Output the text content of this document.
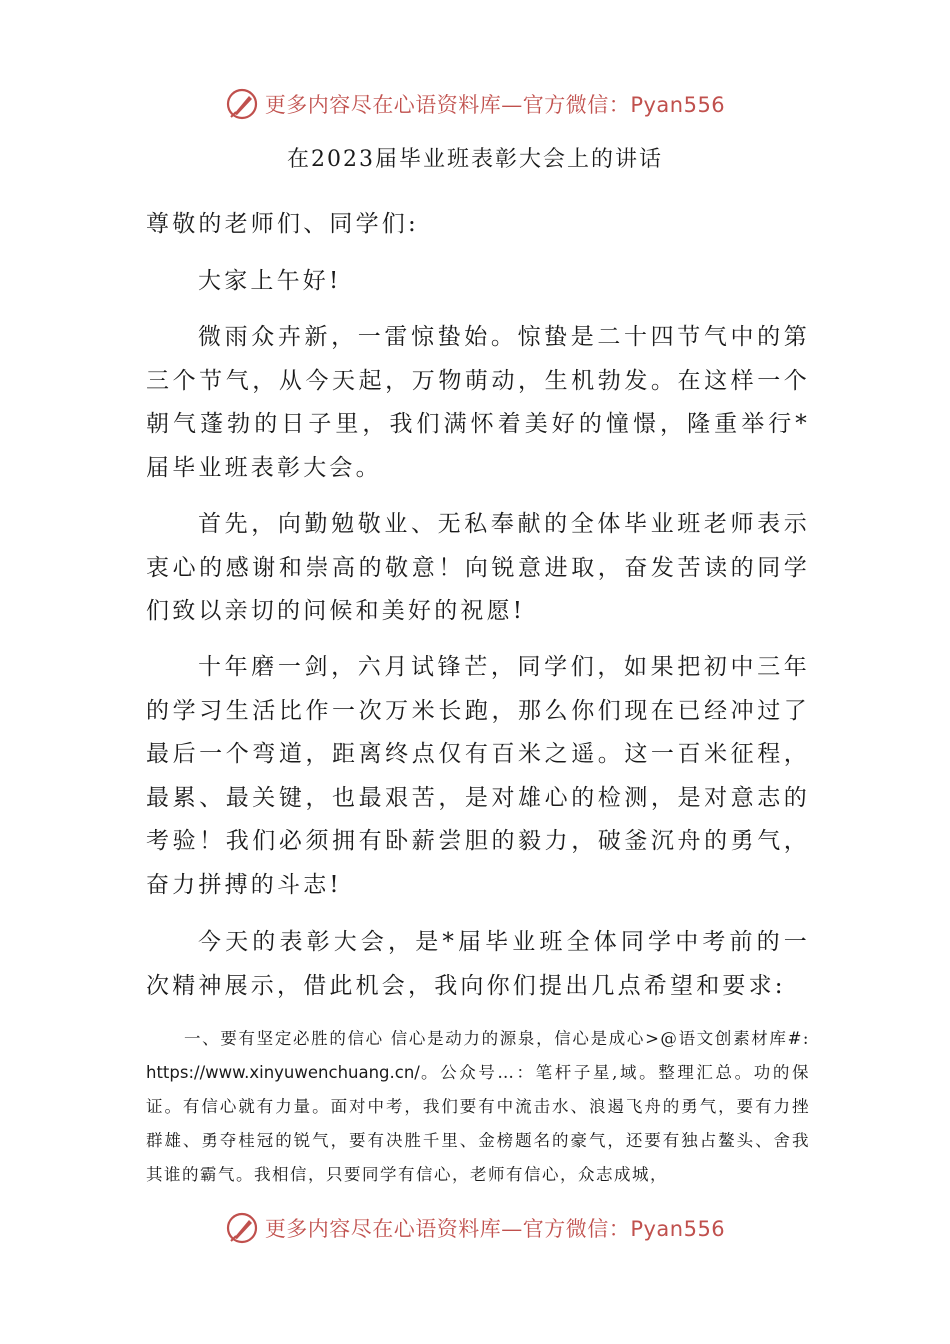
更多内容尽在心语资料库—官方微信：Pyan556
在2023届毕业班表彰大会上的讲话

尊敬的老师们、同学们:

大家上午好!

微雨众卉新，一雷惊蛰始。惊蛰是二十四节气中的第三个节气，从今天起，万物萌动，生机勃发。在这样一个朝气蓬勃的日子里，我们满怀着美好的憧憬，隆重举行*届毕业班表彰大会。

首先，向勤勉敬业、无私奉献的全体毕业班老师表示衷心的感谢和崇高的敬意！向锐意进取，奋发苦读的同学们致以亲切的问候和美好的祝愿!

十年磨一剑，六月试锋芒，同学们，如果把初中三年的学习生活比作一次万米长跑，那么你们现在已经冲过了最后一个弯道，距离终点仅有百米之遥。这一百米征程，最累、最关键，也最艰苦，是对雄心的检测，是对意志的考验！我们必须拥有卧薪尝胆的毅力，破釜沉舟的勇气，奋力拼搏的斗志!

今天的表彰大会，是*届毕业班全体同学中考前的一次精神展示，借此机会，我向你们提出几点希望和要求:

一、要有坚定必胜的信心 信心是动力的源泉，信心是成心>@语文创素材库#: https://www.xinyuwenchuang.cn/。公众号…：笔杆子星,域。整理汇总。功的保证。有信心就有力量。面对中考，我们要有中流击水、浪遏飞舟的勇气，要有力挫群雄、勇夺桂冠的锐气，要有决胜千里、金榜题名的豪气，还要有独占鳌头、舍我其谁的霸气。我相信，只要同学有信心，老师有信心，众志成城，

更多内容尽在心语资料库—官方微信：Pyan556
